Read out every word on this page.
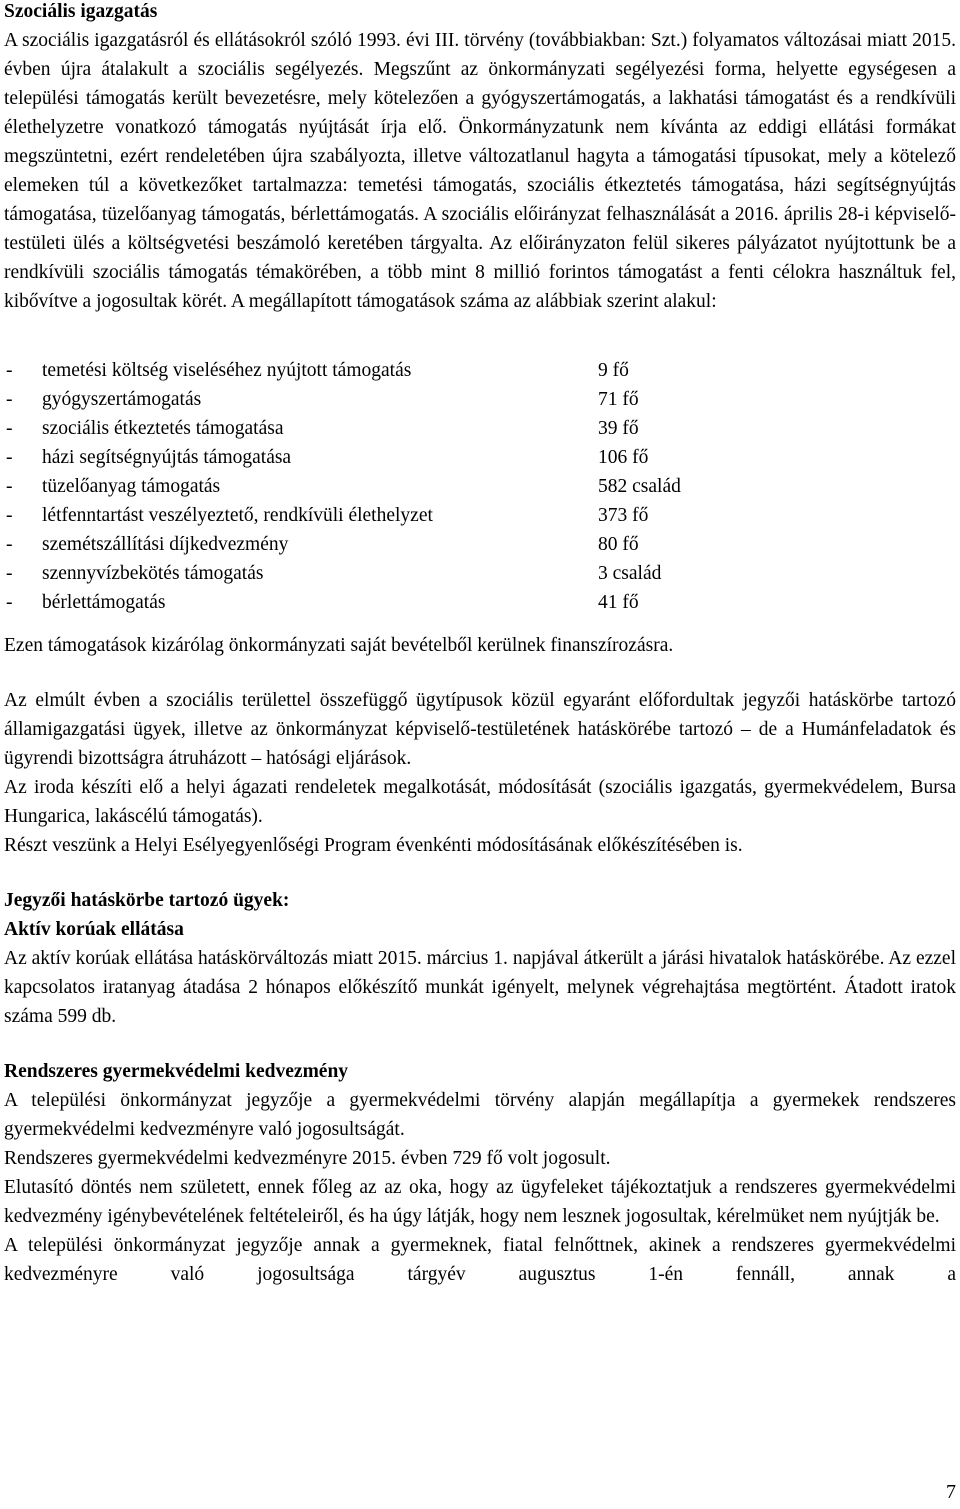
Szociális igazgatás

A szociális igazgatásról és ellátásokról szóló 1993. évi III. törvény (továbbiakban: Szt.) folyamatos változásai miatt 2015. évben újra átalakult a szociális segélyezés. Megszűnt az önkormányzati segélyezési forma, helyette egységesen a települési támogatás került bevezetésre, mely kötelezően a gyógyszertámogatás, a lakhatási támogatást és a rendkívüli élethelyzetre vonatkozó támogatás nyújtását írja elő. Önkormányzatunk nem kívánta az eddigi ellátási formákat megszüntetni, ezért rendeletében újra szabályozta, illetve változatlanul hagyta a támogatási típusokat, mely a kötelező elemeken túl a következőket tartalmazza: temetési támogatás, szociális étkeztetés támogatása, házi segítségnyújtás támogatása, tüzelőanyag támogatás, bérlettámogatás. A szociális előirányzat felhasználását a 2016. április 28-i képviselő-testületi ülés a költségvetési beszámoló keretében tárgyalta. Az előirányzaton felül sikeres pályázatot nyújtottunk be a rendkívüli szociális támogatás témakörében, a több mint 8 millió forintos támogatást a fenti célokra használtuk fel, kibővítve a jogosultak körét. A megállapított támogatások száma az alábbiak szerint alakul:

-	temetési költség viseléséhez nyújtott támogatás	9 fő
-	gyógyszertámogatás	71 fő
-	szociális étkeztetés támogatása	39 fő
-	házi segítségnyújtás támogatása	106 fő
-	tüzelőanyag támogatás	582 család
-	létfenntartást veszélyeztető, rendkívüli élethelyzet	373 fő
-	szemétszállítási díjkedvezmény	80 fő
-	szennyvízbekötés támogatás	3 család
-	bérlettámogatás	41 fő

Ezen támogatások kizárólag önkormányzati saját bevételből kerülnek finanszírozásra.

Az elmúlt évben a szociális területtel összefüggő ügytípusok közül egyaránt előfordultak jegyzői hatáskörbe tartozó államigazgatási ügyek, illetve az önkormányzat képviselő-testületének hatáskörébe tartozó – de a Humánfeladatok és ügyrendi bizottságra átruházott – hatósági eljárások.

Az iroda készíti elő a helyi ágazati rendeletek megalkotását, módosítását (szociális igazgatás, gyermekvédelem, Bursa Hungarica, lakáscélú támogatás).

Részt veszünk a Helyi Esélyegyenlőségi Program évenkénti módosításának előkészítésében is.

Jegyzői hatáskörbe tartozó ügyek:
Aktív korúak ellátása

Az aktív korúak ellátása hatáskörváltozás miatt 2015. március 1. napjával átkerült a járási hivatalok hatáskörébe. Az ezzel kapcsolatos iratanyag átadása 2 hónapos előkészítő munkát igényelt, melynek végrehajtása megtörtént. Átadott iratok száma 599 db.

Rendszeres gyermekvédelmi kedvezmény

A települési önkormányzat jegyzője a gyermekvédelmi törvény alapján megállapítja a gyermekek rendszeres gyermekvédelmi kedvezményre való jogosultságát.

Rendszeres gyermekvédelmi kedvezményre 2015. évben 729 fő volt jogosult.

Elutasító döntés nem született, ennek főleg az az oka, hogy az ügyfeleket tájékoztatjuk a rendszeres gyermekvédelmi kedvezmény igénybevételének feltételeiről, és ha úgy látják, hogy nem lesznek jogosultak, kérelmüket nem nyújtják be.

A települési önkormányzat jegyzője annak a gyermeknek, fiatal felnőttnek, akinek a rendszeres gyermekvédelmi kedvezményre való jogosultsága tárgyév augusztus 1-én fennáll, annak a

7
